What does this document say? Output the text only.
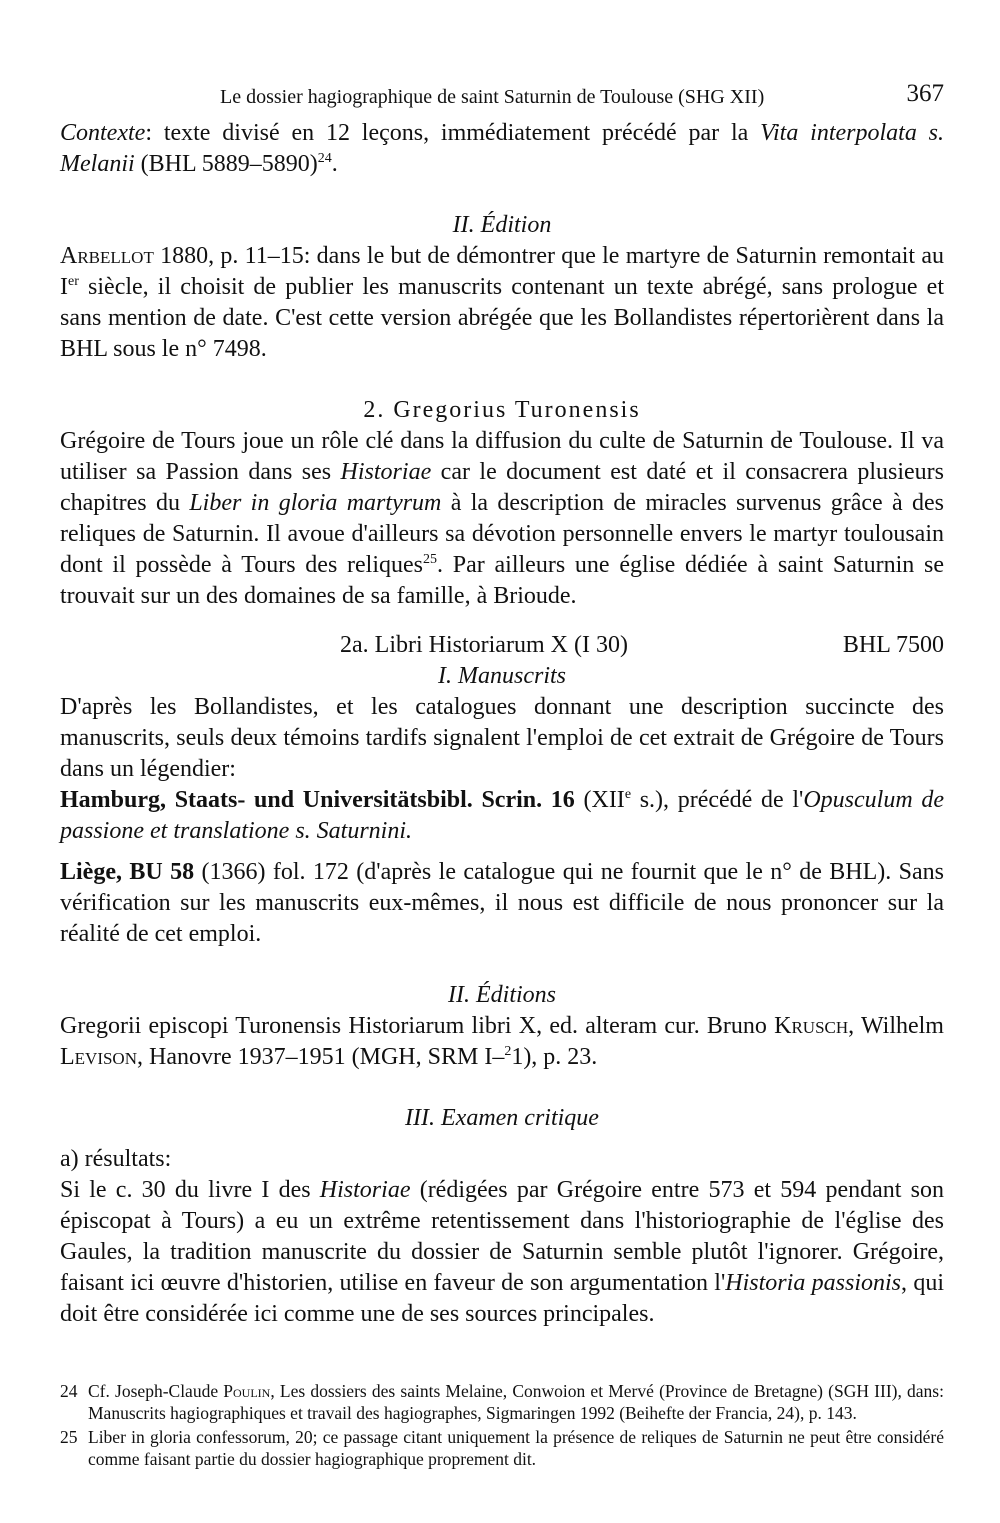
Le dossier hagiographique de saint Saturnin de Toulouse (SHG XII)	367

Contexte: texte divisé en 12 leçons, immédiatement précédé par la Vita interpolata s. Melanii (BHL 5889–5890)$^{24}$.

II. Édition

Arbellot 1880, p. 11–15: dans le but de démontrer que le martyre de Saturnin remontait au Ier siècle, il choisit de publier les manuscrits contenant un texte abrégé, sans prologue et sans mention de date. C'est cette version abrégée que les Bollandistes répertorièrent dans la BHL sous le n° 7498.

2. Gregorius Turonensis

Grégoire de Tours joue un rôle clé dans la diffusion du culte de Saturnin de Toulouse. Il va utiliser sa Passion dans ses Historiae car le document est daté et il consacrera plusieurs chapitres du Liber in gloria martyrum à la description de miracles survenus grâce à des reliques de Saturnin. Il avoue d'ailleurs sa dévotion personnelle envers le martyr toulousain dont il possède à Tours des reliques$^{25}$. Par ailleurs une église dédiée à saint Saturnin se trouvait sur un des domaines de sa famille, à Brioude.

2a. Libri Historiarum X (I 30)	BHL 7500
I. Manuscrits

D'après les Bollandistes, et les catalogues donnant une description succincte des manuscrits, seuls deux témoins tardifs signalent l'emploi de cet extrait de Grégoire de Tours dans un légendier:

Hamburg, Staats- und Universitätsbibl. Scrin. 16 (XIIe s.), précédé de l'Opusculum de passione et translatione s. Saturnini.

Liège, BU 58 (1366) fol. 172 (d'après le catalogue qui ne fournit que le n° de BHL). Sans vérification sur les manuscrits eux-mêmes, il nous est difficile de nous prononcer sur la réalité de cet emploi.

II. Éditions

Gregorii episcopi Turonensis Historiarum libri X, ed. alteram cur. Bruno Krusch, Wilhelm Levison, Hanovre 1937–1951 (MGH, SRM I–$^2$1), p. 23.

III. Examen critique

a) résultats:

Si le c. 30 du livre I des Historiae (rédigées par Grégoire entre 573 et 594 pendant son épiscopat à Tours) a eu un extrême retentissement dans l'historiographie de l'église des Gaules, la tradition manuscrite du dossier de Saturnin semble plutôt l'ignorer. Grégoire, faisant ici œuvre d'historien, utilise en faveur de son argumentation l'Historia passionis, qui doit être considérée ici comme une de ses sources principales.

24 Cf. Joseph-Claude Poulin, Les dossiers des saints Melaine, Conwoion et Mervé (Province de Bretagne) (SGH III), dans: Manuscrits hagiographiques et travail des hagiographes, Sigmaringen 1992 (Beihefte der Francia, 24), p. 143.
25 Liber in gloria confessorum, 20; ce passage citant uniquement la présence de reliques de Saturnin ne peut être considéré comme faisant partie du dossier hagiographique proprement dit.
